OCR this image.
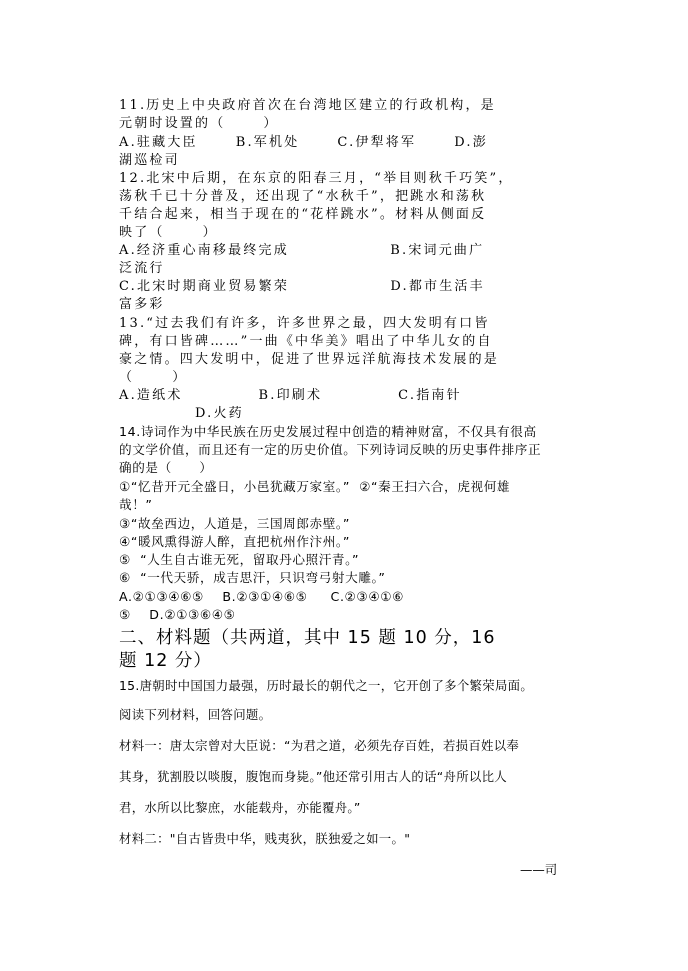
11.历史上中央政府首次在台湾地区建立的行政机构，是
元朝时设置的（      ）
A.驻藏大臣      B.军机处      C.伊犁将军      D.澎
湖巡检司
12.北宋中后期，在东京的阳春三月，“举目则秋千巧笑”，
荡秋千已十分普及，还出现了“水秋千”，把跳水和荡秋
千结合起来，相当于现在的“花样跳水”。材料从侧面反
映了（      ）
A.经济重心南移最终完成                B.宋词元曲广
泛流行
C.北宋时期商业贸易繁荣                D.都市生活丰
富多彩
13.“过去我们有许多，许多世界之最，四大发明有口皆
碑，有口皆碑……”一曲《中华美》唱出了中华儿女的自
豪之情。四大发明中，促进了世界远洋航海技术发展的是
（      ）
A.造纸术            B.印刷术            C.指南针
D.火药
14.诗词作为中华民族在历史发展过程中创造的精神财富，不仅具有很高
的文学价值，而且还有一定的历史价值。下列诗词反映的历史事件排序正
确的是（      ）
①“忆昔开元全盛日，小邑犹藏万家室。”  ②“秦王扫六合，虎视何雄
哉！”
③“故垒西边，人道是，三国周郎赤壁。”
④“暖风熏得游人醉，直把杭州作汴州。”
⑤  “人生自古谁无死，留取丹心照汗青。”
⑥  “一代天骄，成吉思汗，只识弯弓射大雕。”
A.②①③④⑥⑤    B.②③①④⑥⑤     C.②③④①⑥
⑤    D.②①③⑥④⑤
二、材料题（共两道，其中 15 题 10 分，16
题 12 分）
15.唐朝时中国国力最强，历时最长的朝代之一，它开创了多个繁荣局面。
阅读下列材料，回答问题。
材料一：唐太宗曾对大臣说：“为君之道，必须先存百姓，若损百姓以奉
其身，犹割股以啖腹，腹饱而身毙。”他还常引用古人的话“舟所以比人
君，水所以比黎庶，水能载舟，亦能覆舟。”
材料二："自古皆贵中华，贱夷狄，朕独爱之如一。"
——司
